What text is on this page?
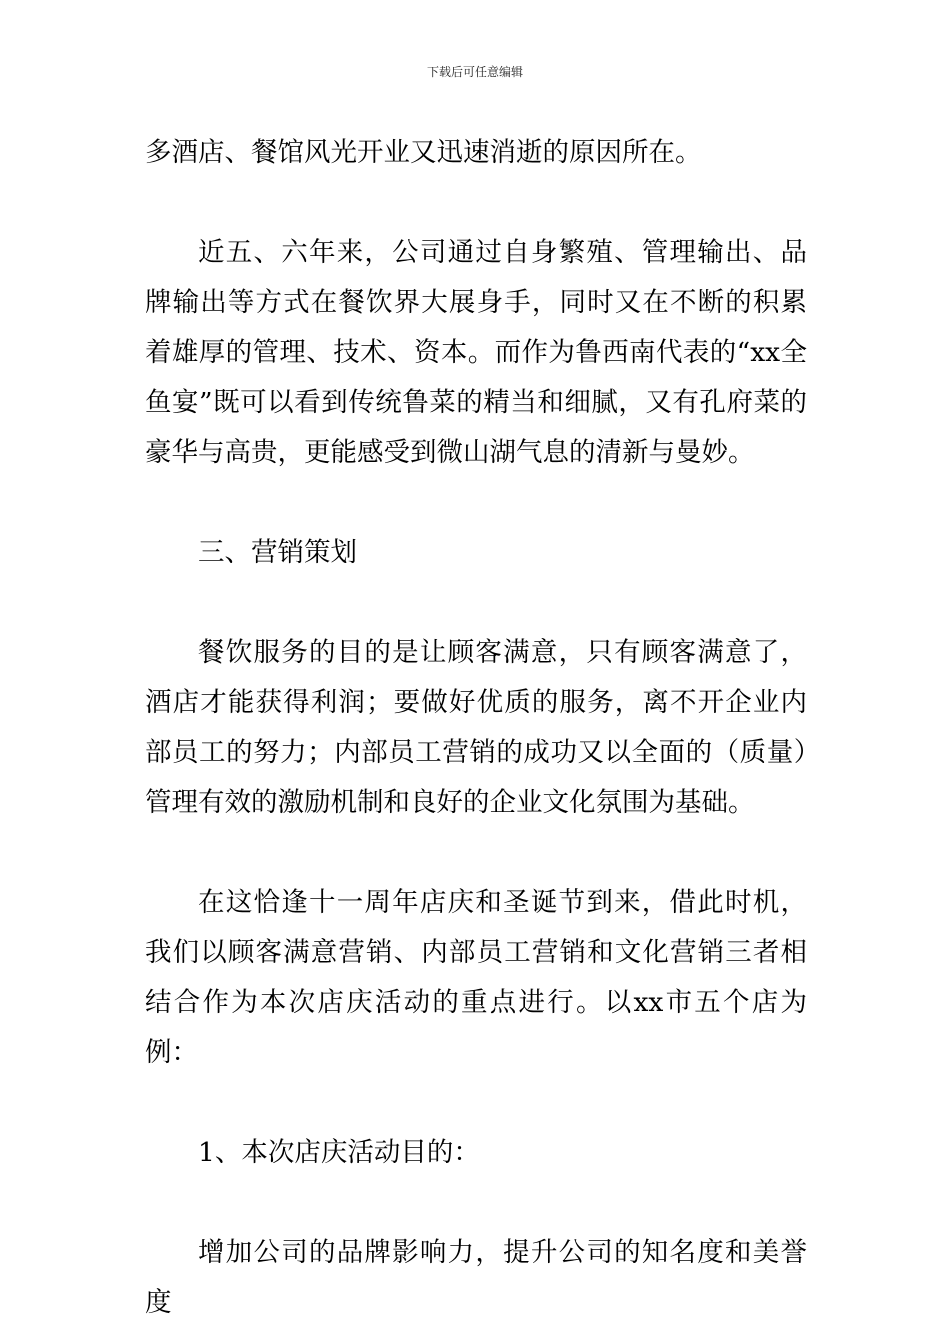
下载后可任意编辑

多酒店、餐馆风光开业又迅速消逝的原因所在。

近五、六年来，公司通过自身繁殖、管理输出、品牌输出等方式在餐饮界大展身手，同时又在不断的积累着雄厚的管理、技术、资本。而作为鲁西南代表的“xx全鱼宴”既可以看到传统鲁菜的精当和细腻，又有孔府菜的豪华与高贵，更能感受到微山湖气息的清新与曼妙。

三、营销策划

餐饮服务的目的是让顾客满意，只有顾客满意了，酒店才能获得利润；要做好优质的服务，离不开企业内部员工的努力；内部员工营销的成功又以全面的（质量）管理有效的激励机制和良好的企业文化氛围为基础。

在这恰逢十一周年店庆和圣诞节到来，借此时机，我们以顾客满意营销、内部员工营销和文化营销三者相结合作为本次店庆活动的重点进行。以xx市五个店为例：

1、本次店庆活动目的：

增加公司的品牌影响力，提升公司的知名度和美誉度
